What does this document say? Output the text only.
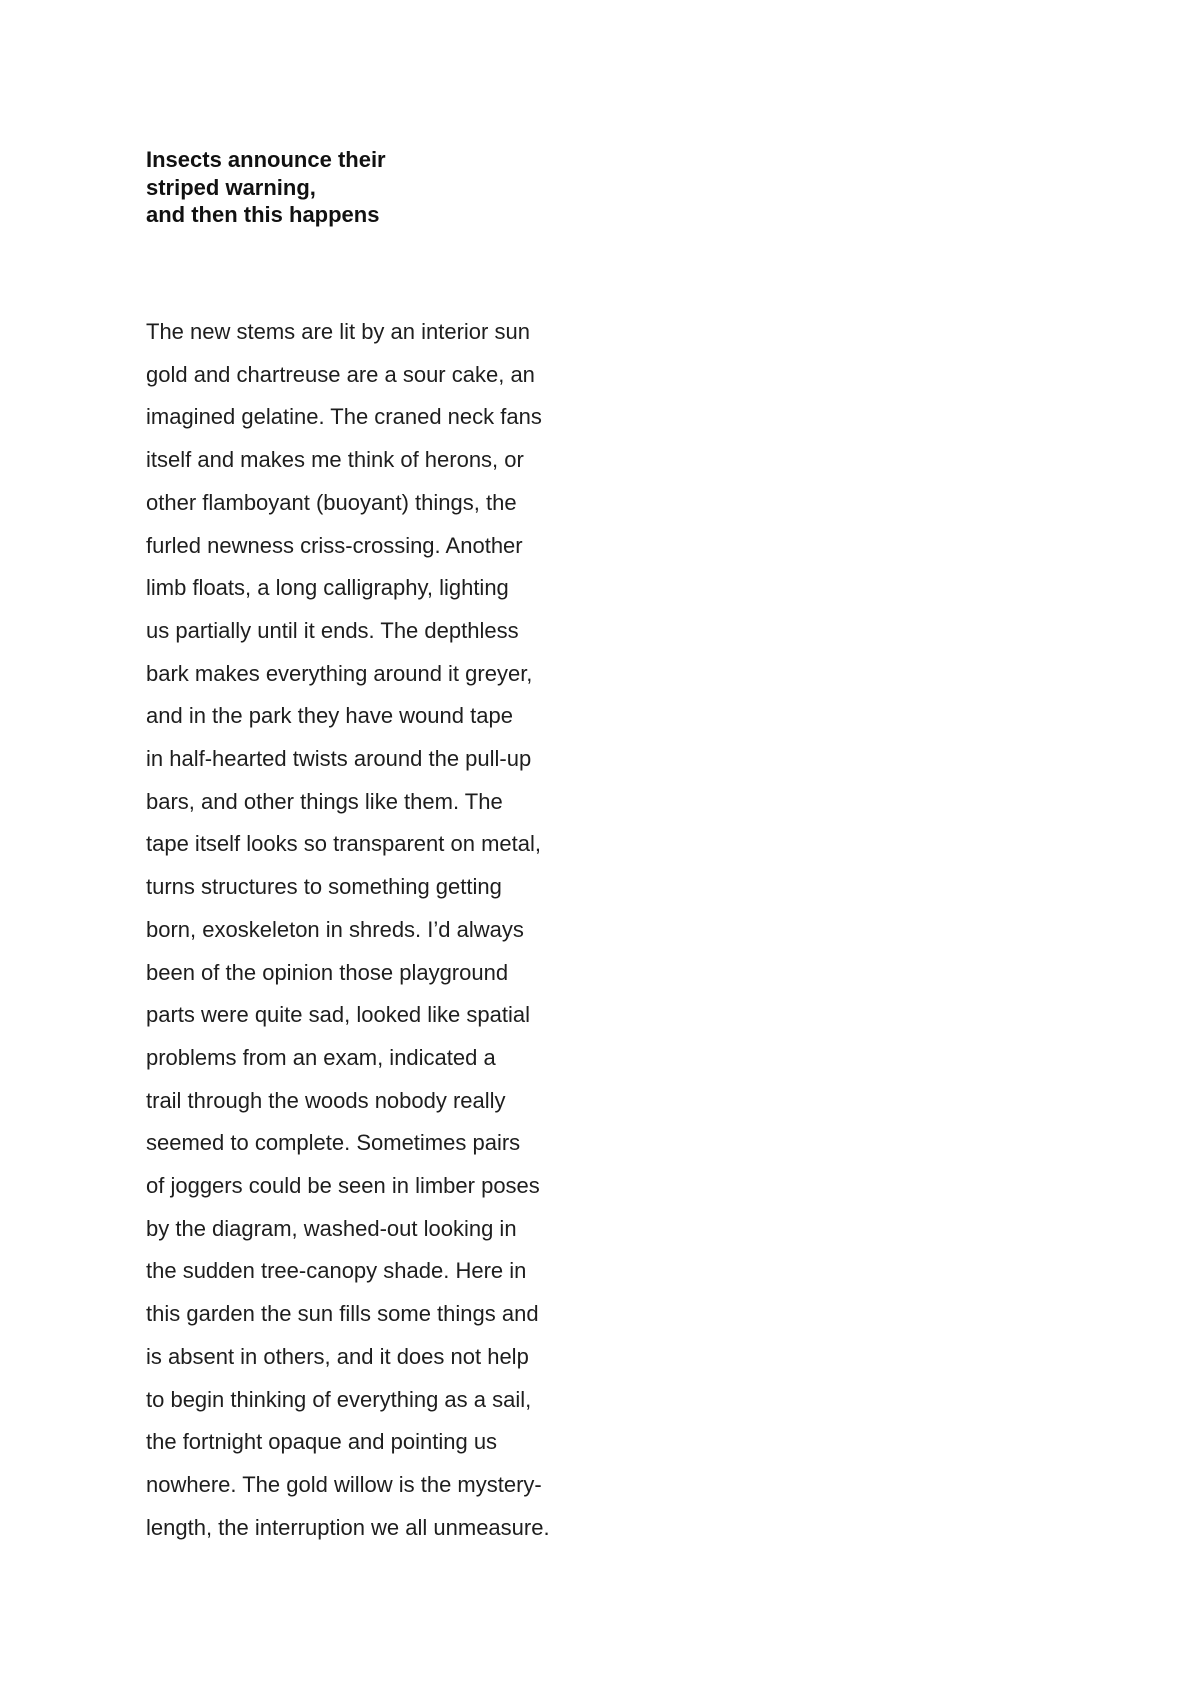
Insects announce their
striped warning,
and then this happens
The new stems are lit by an interior sun
gold and chartreuse are a sour cake, an
imagined gelatine. The craned neck fans
itself and makes me think of herons, or
other flamboyant (buoyant) things, the
furled newness criss-crossing. Another
limb floats, a long calligraphy, lighting
us partially until it ends. The depthless
bark makes everything around it greyer,
and in the park they have wound tape
in half-hearted twists around the pull-up
bars, and other things like them. The
tape itself looks so transparent on metal,
turns structures to something getting
born, exoskeleton in shreds. I’d always
been of the opinion those playground
parts were quite sad, looked like spatial
problems from an exam, indicated a
trail through the woods nobody really
seemed to complete. Sometimes pairs
of joggers could be seen in limber poses
by the diagram, washed-out looking in
the sudden tree-canopy shade. Here in
this garden the sun fills some things and
is absent in others, and it does not help
to begin thinking of everything as a sail,
the fortnight opaque and pointing us
nowhere. The gold willow is the mystery-
length, the interruption we all unmeasure.
